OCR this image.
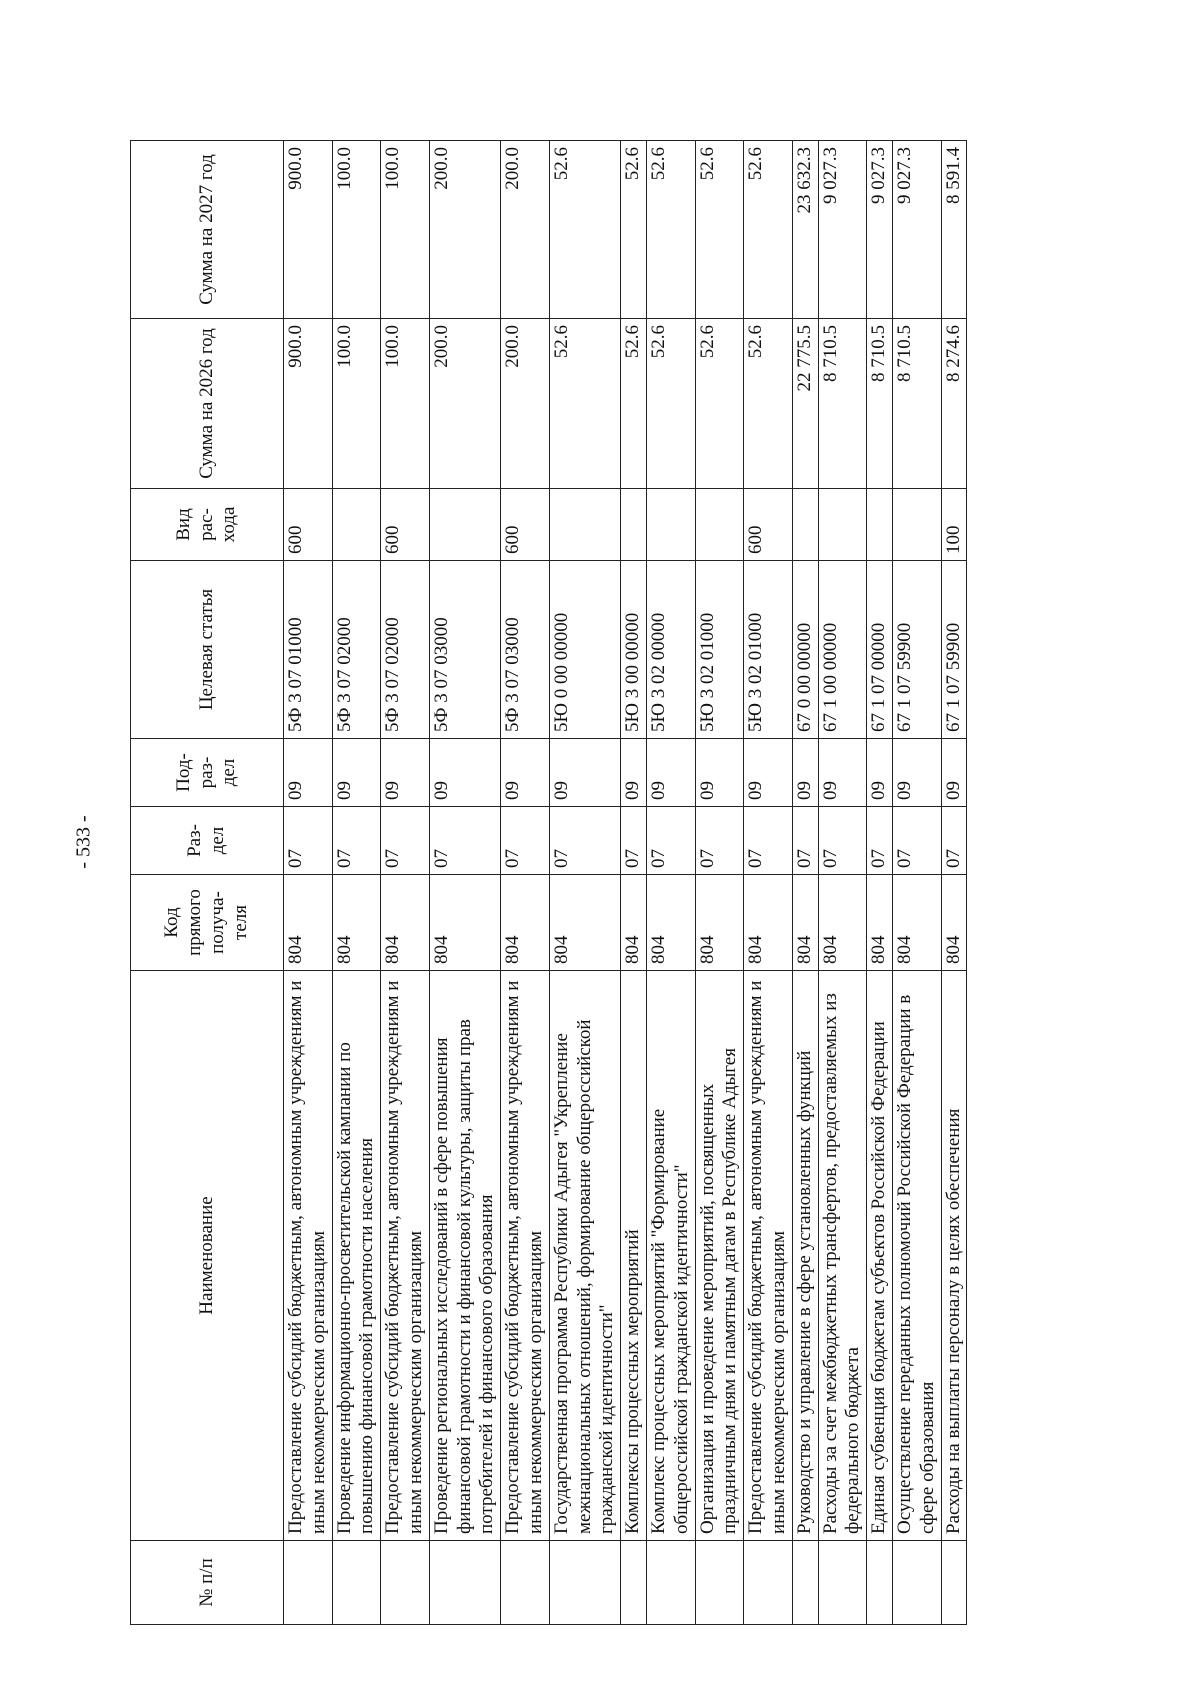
- 533 -
№ п/п	Наименование	Код прямого получа- теля	Раз- дел	Под- раз- дел	Целевая статья	Вид рас- хода	Сумма на 2026 год	Сумма на 2027 год
	Предоставление субсидий бюджетным, автономным учреждениям и иным некоммерческим организациям	804	07	09	5Ф 3 07 01000	600	900.0	900.0
	Проведение информационно-просветительской кампании по повышению финансовой грамотности населения	804	07	09	5Ф 3 07 02000		100.0	100.0
	Предоставление субсидий бюджетным, автономным учреждениям и иным некоммерческим организациям	804	07	09	5Ф 3 07 02000	600	100.0	100.0
	Проведение региональных исследований в сфере повышения финансовой грамотности и финансовой культуры, защиты прав потребителей и финансового образования	804	07	09	5Ф 3 07 03000		200.0	200.0
	Предоставление субсидий бюджетным, автономным учреждениям и иным некоммерческим организациям	804	07	09	5Ф 3 07 03000	600	200.0	200.0
	Государственная программа Республики Адыгея "Укрепление межнациональных отношений, формирование общероссийской гражданской идентичности"	804	07	09	5Ю 0 00 00000		52.6	52.6
	Комплексы процессных мероприятий	804	07	09	5Ю 3 00 00000		52.6	52.6
	Комплекс процессных мероприятий "Формирование общероссийской гражданской идентичности"	804	07	09	5Ю 3 02 00000		52.6	52.6
	Организация и проведение мероприятий, посвященных праздничным дням и памятным датам в Республике Адыгея	804	07	09	5Ю 3 02 01000		52.6	52.6
	Предоставление субсидий бюджетным, автономным учреждениям и иным некоммерческим организациям	804	07	09	5Ю 3 02 01000	600	52.6	52.6
	Руководство и управление в сфере установленных функций	804	07	09	67 0 00 00000		22 775.5	23 632.3
	Расходы за счет межбюджетных трансфертов, предоставляемых из федерального бюджета	804	07	09	67 1 00 00000		8 710.5	9 027.3
	Единая субвенция бюджетам субъектов Российской Федерации	804	07	09	67 1 07 00000		8 710.5	9 027.3
	Осуществление переданных полномочий Российской Федерации в сфере образования	804	07	09	67 1 07 59900		8 710.5	9 027.3
	Расходы на выплаты персоналу в целях обеспечения	804	07	09	67 1 07 59900	100	8 274.6	8 591.4
